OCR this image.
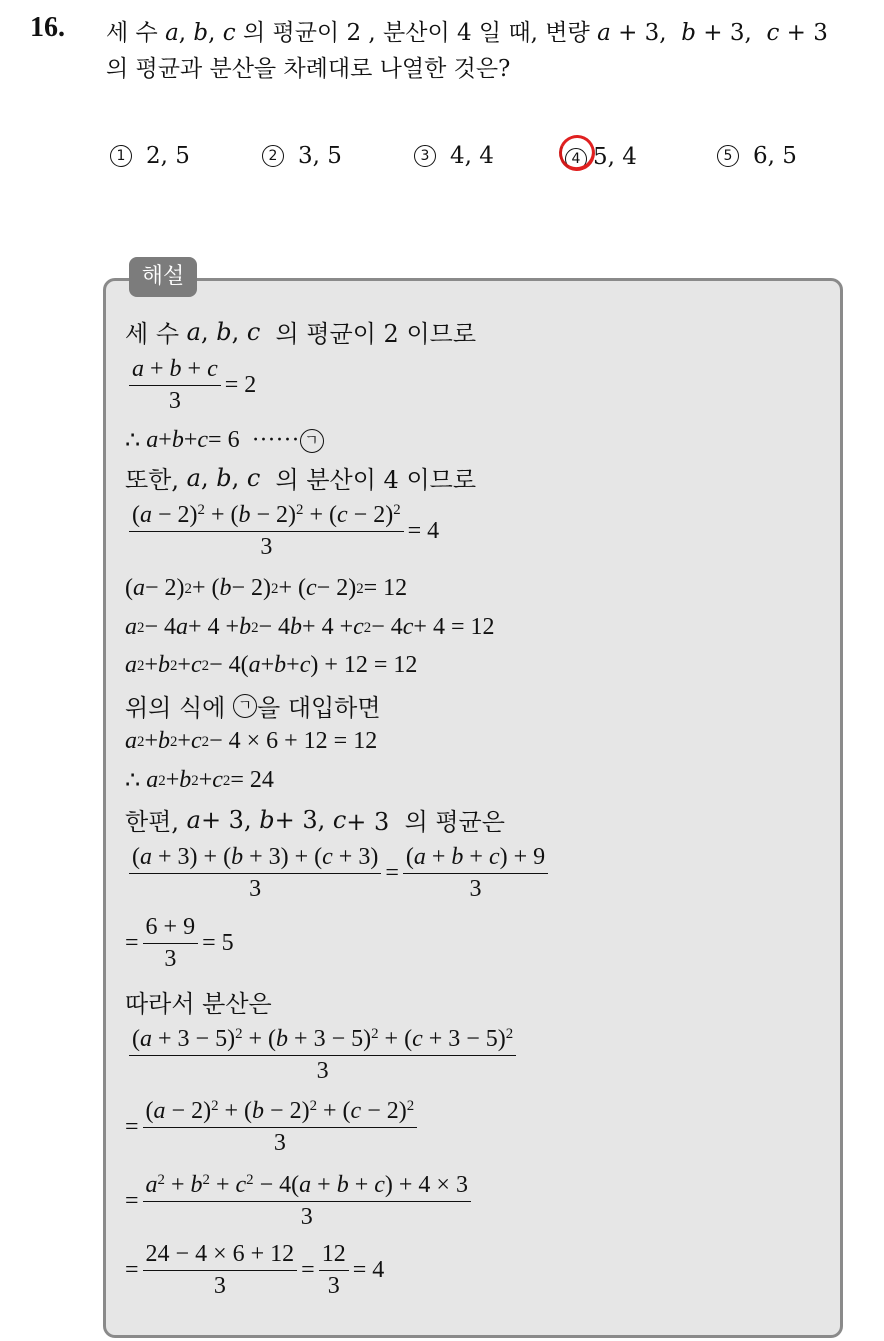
16. 세 수 a, b, c 의 평균이 2 , 분산이 4 일 때, 변량 a + 3,  b + 3,  c + 3
의 평균과 분산을 차례대로 나열한 것은?
1 2, 5	2 3, 5	3 4, 4	4 5, 4	5 6, 5
해설
세 수 a , b , c 의 평균이 2 이므로
$\frac{a + b + c}{3} = 2$
∴ a + b + c = 6  ······ ㄱ
또한, a , b , c 의 분산이 4 이므로
$\frac{(a - 2)^2 + (b - 2)^2 + (c - 2)^2}{3} = 4$
( a − 2) 2 + ( b − 2) 2 + ( c − 2) 2 = 12
a 2 − 4 a + 4 + b 2 − 4 b + 4 + c 2 − 4 c + 4 = 12
a 2 + b 2 + c 2 − 4( a + b + c ) + 12 = 12
위의 식에 ㄱ 을 대입하면
a 2 + b 2 + c 2 − 4 × 6 + 12 = 12
∴ a 2 + b 2 + c 2 = 24
한편, a + 3, b + 3, c + 3  의 평균은
$\frac{(a + 3) + (b + 3) + (c + 3)}{3} = \frac{(a + b + c) + 9}{3}$
= $\frac{6 + 9}{3} = 5$
따라서 분산은
$\frac{(a + 3 - 5)^2 + (b + 3 - 5)^2 + (c + 3 - 5)^2}{3}$
= $\frac{(a - 2)^2 + (b - 2)^2 + (c - 2)^2}{3}$
= $\frac{a^2 + b^2 + c^2 - 4(a + b + c) + 4 \times 3}{3}$
= $\frac{24 - 4 \times 6 + 12}{3} = \frac{12}{3} = 4$
